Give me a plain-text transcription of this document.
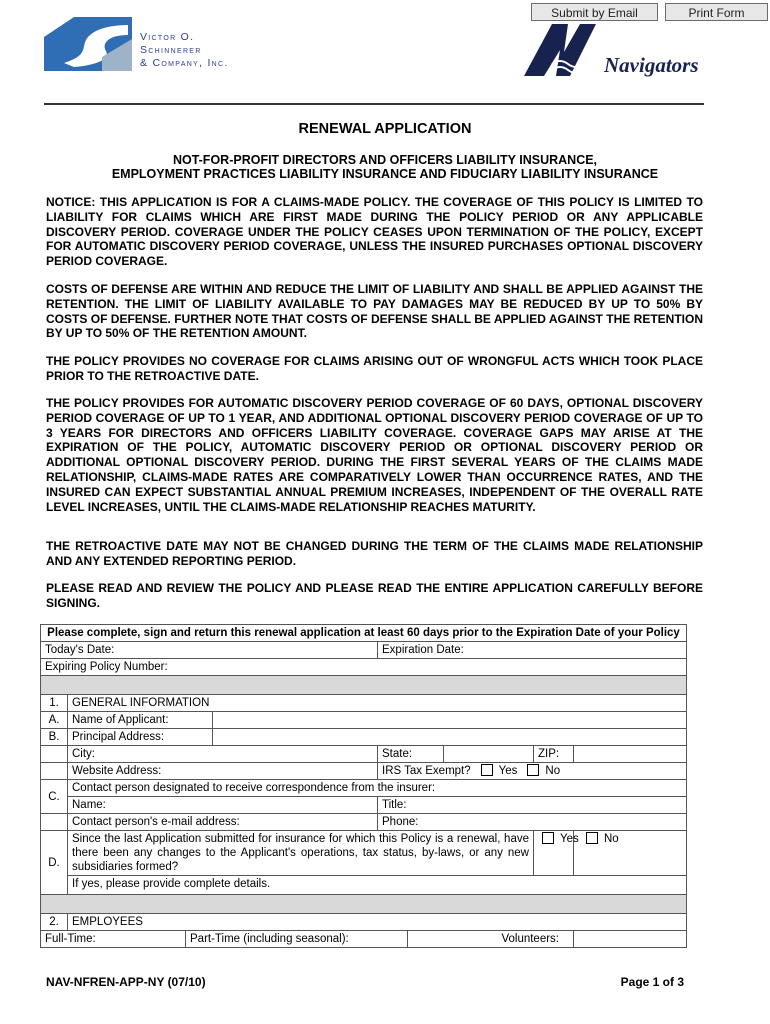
Submit by Email	Print Form
Victor O.
Schinnerer
& Company, Inc.	Navigators
RENEWAL APPLICATION
NOT-FOR-PROFIT DIRECTORS AND OFFICERS LIABILITY INSURANCE,
EMPLOYMENT PRACTICES LIABILITY INSURANCE AND FIDUCIARY LIABILITY INSURANCE

NOTICE: THIS APPLICATION IS FOR A CLAIMS-MADE POLICY. THE COVERAGE OF THIS POLICY IS LIMITED TO LIABILITY FOR CLAIMS WHICH ARE FIRST MADE DURING THE POLICY PERIOD OR ANY APPLICABLE DISCOVERY PERIOD. COVERAGE UNDER THE POLICY CEASES UPON TERMINATION OF THE POLICY, EXCEPT FOR AUTOMATIC DISCOVERY PERIOD COVERAGE, UNLESS THE INSURED PURCHASES OPTIONAL DISCOVERY PERIOD COVERAGE.

COSTS OF DEFENSE ARE WITHIN AND REDUCE THE LIMIT OF LIABILITY AND SHALL BE APPLIED AGAINST THE RETENTION. THE LIMIT OF LIABILITY AVAILABLE TO PAY DAMAGES MAY BE REDUCED BY UP TO 50% BY COSTS OF DEFENSE. FURTHER NOTE THAT COSTS OF DEFENSE SHALL BE APPLIED AGAINST THE RETENTION BY UP TO 50% OF THE RETENTION AMOUNT.

THE POLICY PROVIDES NO COVERAGE FOR CLAIMS ARISING OUT OF WRONGFUL ACTS WHICH TOOK PLACE PRIOR TO THE RETROACTIVE DATE.

THE POLICY PROVIDES FOR AUTOMATIC DISCOVERY PERIOD COVERAGE OF 60 DAYS, OPTIONAL DISCOVERY PERIOD COVERAGE OF UP TO 1 YEAR, AND ADDITIONAL OPTIONAL DISCOVERY PERIOD COVERAGE OF UP TO 3 YEARS FOR DIRECTORS AND OFFICERS LIABILITY COVERAGE. COVERAGE GAPS MAY ARISE AT THE EXPIRATION OF THE POLICY, AUTOMATIC DISCOVERY PERIOD OR OPTIONAL DISCOVERY PERIOD OR ADDITIONAL OPTIONAL DISCOVERY PERIOD. DURING THE FIRST SEVERAL YEARS OF THE CLAIMS MADE RELATIONSHIP, CLAIMS-MADE RATES ARE COMPARATIVELY LOWER THAN OCCURRENCE RATES, AND THE INSURED CAN EXPECT SUBSTANTIAL ANNUAL PREMIUM INCREASES, INDEPENDENT OF THE OVERALL RATE LEVEL INCREASES, UNTIL THE CLAIMS-MADE RELATIONSHIP REACHES MATURITY.

THE RETROACTIVE DATE MAY NOT BE CHANGED DURING THE TERM OF THE CLAIMS MADE RELATIONSHIP AND ANY EXTENDED REPORTING PERIOD.

PLEASE READ AND REVIEW THE POLICY AND PLEASE READ THE ENTIRE APPLICATION CAREFULLY BEFORE SIGNING.

Please complete, sign and return this renewal application at least 60 days prior to the Expiration Date of your Policy								
Today's Date:				Expiration Date:				
Expiring Policy Number:								

1.	GENERAL INFORMATION							
A.	Name of Applicant:							
B.	Principal Address:							
	City:			State:			ZIP:	
	Website Address:			IRS Tax Exempt? Yes No				
C.	Contact person designated to receive correspondence from the insurer:							
	Name:			Title:				
	Contact person's e-mail address:			Phone:				
D.	Since the last Application submitted for insurance for which this Policy is a renewal, have there been any changes to the Applicant's operations, tax status, by-laws, or any new subsidiaries formed?						Yes	No
	If yes, please provide complete details.							

2.	EMPLOYEES							
Full-Time:		Part-Time (including seasonal):			Volunteers:			
NAV-NFREN-APP-NY (07/10)	Page 1 of 3
